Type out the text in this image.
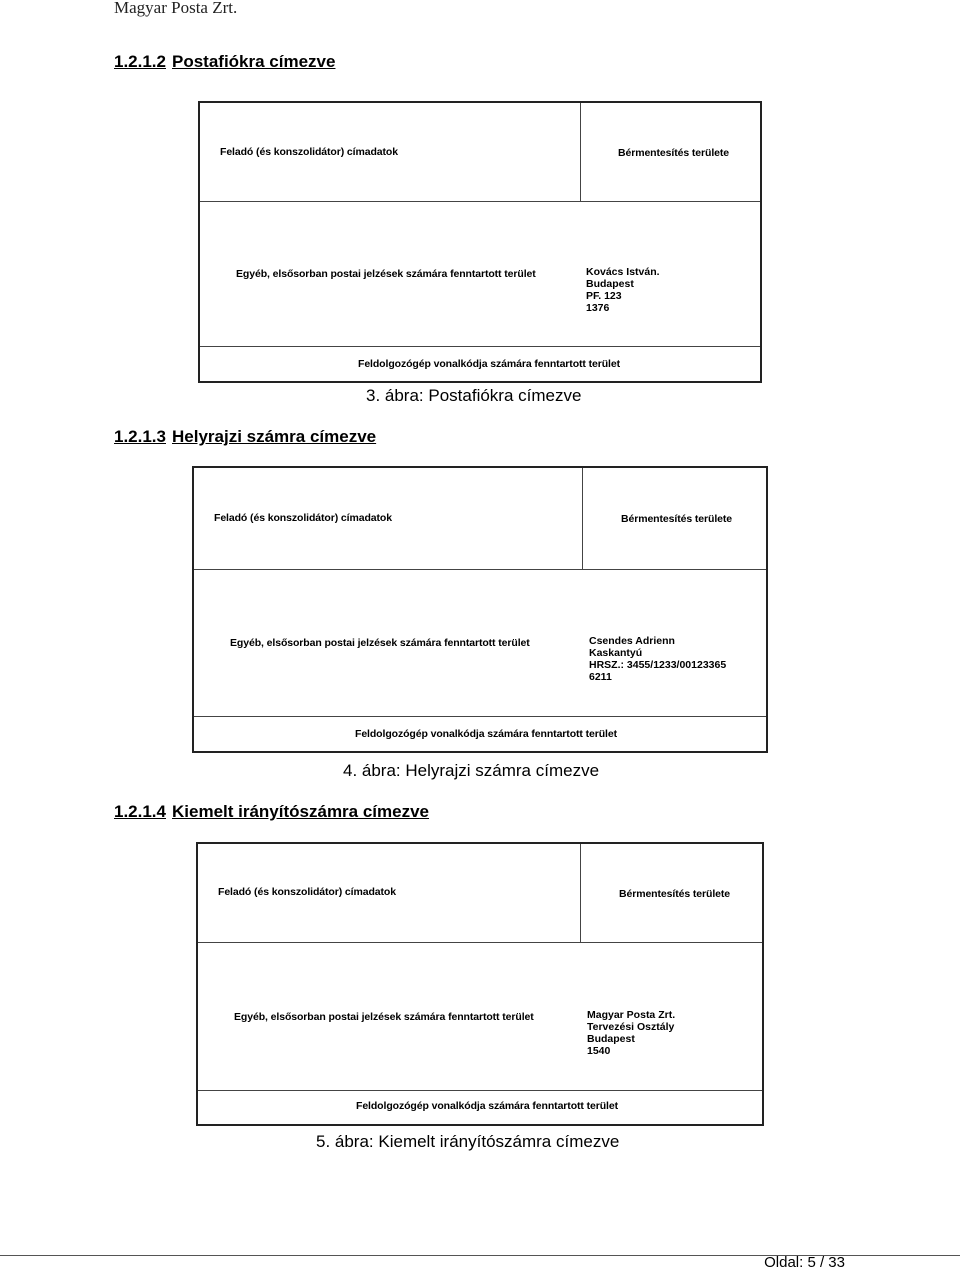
Magyar Posta Zrt.
1.2.1.2 Postafiókra címezve
Feladó (és konszolidátor) címadatok	Bérmentesítés területe
Egyéb, elsősorban postai jelzések számára fenntartott terület	Kovács István.
Budapest
PF. 123
1376
Feldolgozógép vonalkódja számára fenntartott terület
3. ábra: Postafiókra címezve
1.2.1.3 Helyrajzi számra címezve
Feladó (és konszolidátor) címadatok	Bérmentesítés területe
Egyéb, elsősorban postai jelzések számára fenntartott terület	Csendes Adrienn
Kaskantyú
HRSZ.: 3455/1233/00123365
6211
Feldolgozógép vonalkódja számára fenntartott terület
4. ábra: Helyrajzi számra címezve
1.2.1.4 Kiemelt irányítószámra címezve
Feladó (és konszolidátor) címadatok	Bérmentesítés területe
Egyéb, elsősorban postai jelzések számára fenntartott terület	Magyar Posta Zrt.
Tervezési Osztály
Budapest
1540
Feldolgozógép vonalkódja számára fenntartott terület
5. ábra: Kiemelt irányítószámra címezve
Oldal: 5 / 33
